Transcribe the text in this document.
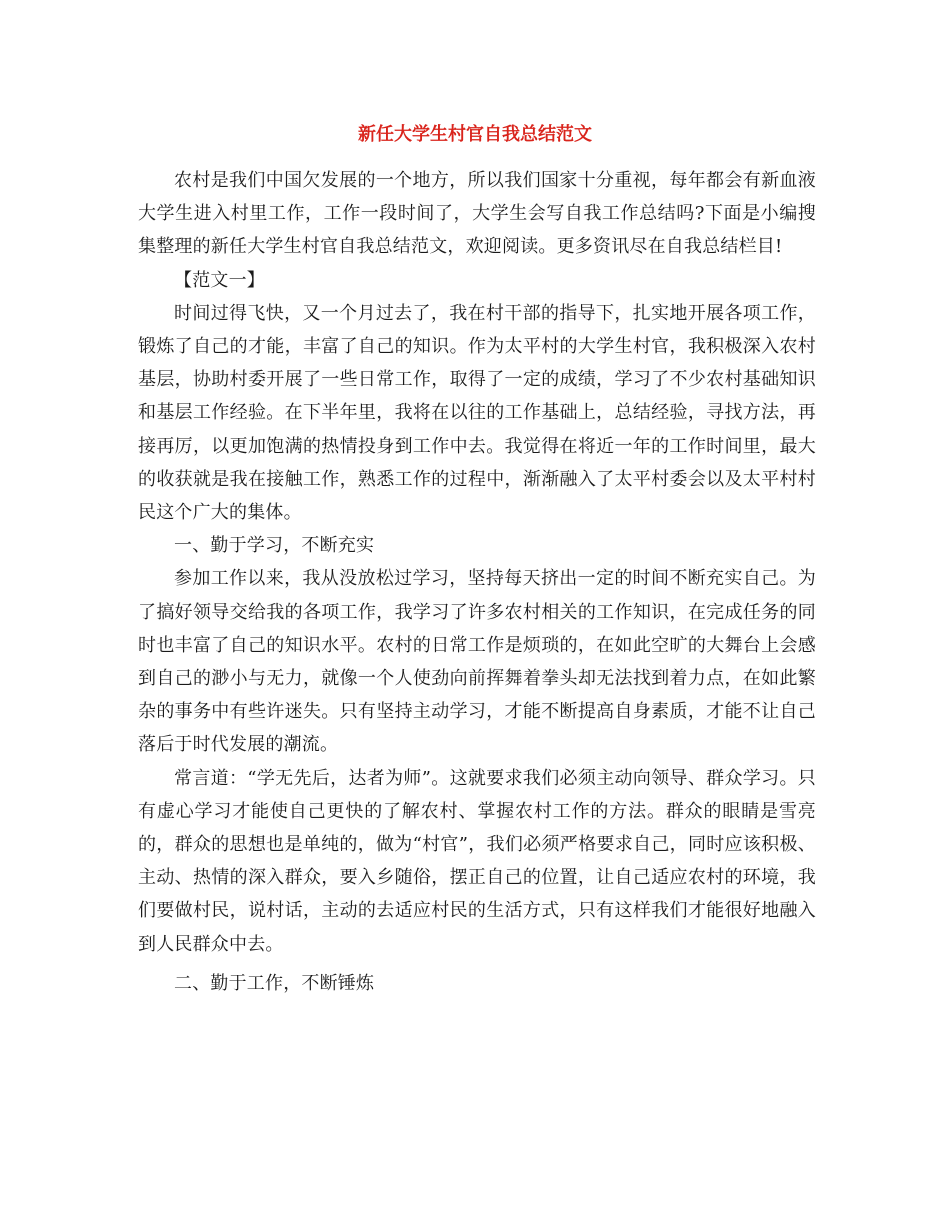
新任大学生村官自我总结范文

农村是我们中国欠发展的一个地方，所以我们国家十分重视，每年都会有新血液大学生进入村里工作，工作一段时间了，大学生会写自我工作总结吗?下面是小编搜集整理的新任大学生村官自我总结范文，欢迎阅读。更多资讯尽在自我总结栏目!

【范文一】

时间过得飞快，又一个月过去了，我在村干部的指导下，扎实地开展各项工作，锻炼了自己的才能，丰富了自己的知识。作为太平村的大学生村官，我积极深入农村基层，协助村委开展了一些日常工作，取得了一定的成绩，学习了不少农村基础知识和基层工作经验。在下半年里，我将在以往的工作基础上，总结经验，寻找方法，再接再厉，以更加饱满的热情投身到工作中去。我觉得在将近一年的工作时间里，最大的收获就是我在接触工作，熟悉工作的过程中，渐渐融入了太平村委会以及太平村村民这个广大的集体。

一、勤于学习，不断充实

参加工作以来，我从没放松过学习，坚持每天挤出一定的时间不断充实自己。为了搞好领导交给我的各项工作，我学习了许多农村相关的工作知识，在完成任务的同时也丰富了自己的知识水平。农村的日常工作是烦琐的，在如此空旷的大舞台上会感到自己的渺小与无力，就像一个人使劲向前挥舞着拳头却无法找到着力点，在如此繁杂的事务中有些许迷失。只有坚持主动学习，才能不断提高自身素质，才能不让自己落后于时代发展的潮流。

常言道：“学无先后，达者为师”。这就要求我们必须主动向领导、群众学习。只有虚心学习才能使自己更快的了解农村、掌握农村工作的方法。群众的眼睛是雪亮的，群众的思想也是单纯的，做为“村官”，我们必须严格要求自己，同时应该积极、主动、热情的深入群众，要入乡随俗，摆正自己的位置，让自己适应农村的环境，我们要做村民，说村话，主动的去适应村民的生活方式，只有这样我们才能很好地融入到人民群众中去。

二、勤于工作，不断锤炼
